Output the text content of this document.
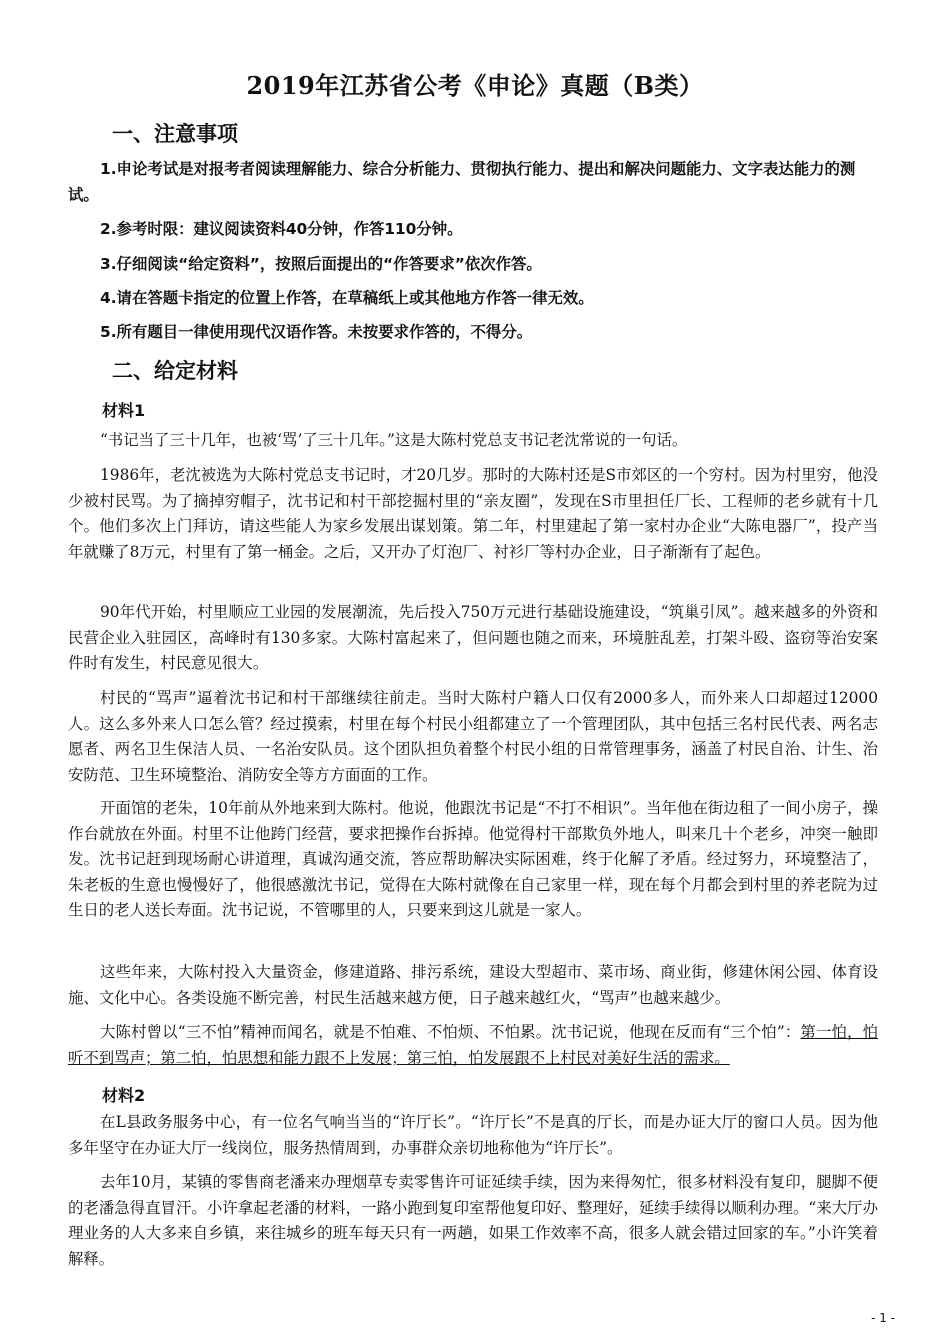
2019年江苏省公考《申论》真题（B类）
一、注意事项
1.申论考试是对报考者阅读理解能力、综合分析能力、贯彻执行能力、提出和解决问题能力、文字表达能力的测试。
2.参考时限：建议阅读资料40分钟，作答110分钟。
3.仔细阅读“给定资料”，按照后面提出的“作答要求”依次作答。
4.请在答题卡指定的位置上作答，在草稿纸上或其他地方作答一律无效。
5.所有题目一律使用现代汉语作答。未按要求作答的，不得分。
二、给定材料
材料1
“书记当了三十几年，也被‘骂’了三十几年。”这是大陈村党总支书记老沈常说的一句话。
1986年，老沈被选为大陈村党总支书记时，才20几岁。那时的大陈村还是S市郊区的一个穷村。因为村里穷，他没少被村民骂。为了摘掉穷帽子，沈书记和村干部挖掘村里的“亲友圈”，发现在S市里担任厂长、工程师的老乡就有十几个。他们多次上门拜访，请这些能人为家乡发展出谋划策。第二年，村里建起了第一家村办企业“大陈电器厂”，投产当年就赚了8万元，村里有了第一桶金。之后，又开办了灯泡厂、衬衫厂等村办企业，日子渐渐有了起色。
90年代开始，村里顺应工业园的发展潮流，先后投入750万元进行基础设施建设，“筑巢引凤”。越来越多的外资和民营企业入驻园区，高峰时有130多家。大陈村富起来了，但问题也随之而来，环境脏乱差，打架斗殴、盗窃等治安案件时有发生，村民意见很大。
村民的“骂声”逼着沈书记和村干部继续往前走。当时大陈村户籍人口仅有2000多人，而外来人口却超过12000人。这么多外来人口怎么管？经过摸索，村里在每个村民小组都建立了一个管理团队，其中包括三名村民代表、两名志愿者、两名卫生保洁人员、一名治安队员。这个团队担负着整个村民小组的日常管理事务，涵盖了村民自治、计生、治安防范、卫生环境整治、消防安全等方方面面的工作。
开面馆的老朱，10年前从外地来到大陈村。他说，他跟沈书记是“不打不相识”。当年他在街边租了一间小房子，操作台就放在外面。村里不让他跨门经营，要求把操作台拆掉。他觉得村干部欺负外地人，叫来几十个老乡，冲突一触即发。沈书记赶到现场耐心讲道理，真诚沟通交流，答应帮助解决实际困难，终于化解了矛盾。经过努力，环境整洁了，朱老板的生意也慢慢好了，他很感激沈书记，觉得在大陈村就像在自己家里一样，现在每个月都会到村里的养老院为过生日的老人送长寿面。沈书记说，不管哪里的人，只要来到这儿就是一家人。
这些年来，大陈村投入大量资金，修建道路、排污系统，建设大型超市、菜市场、商业街，修建休闲公园、体育设施、文化中心。各类设施不断完善，村民生活越来越方便，日子越来越红火，“骂声”也越来越少。
大陈村曾以“三不怕”精神而闻名，就是不怕难、不怕烦、不怕累。沈书记说，他现在反而有“三个怕”：第一怕，怕听不到骂声；第二怕，怕思想和能力跟不上发展；第三怕，怕发展跟不上村民对美好生活的需求。
材料2
在L县政务服务中心，有一位名气响当当的“许厅长”。“许厅长”不是真的厅长，而是办证大厅的窗口人员。因为他多年坚守在办证大厅一线岗位，服务热情周到，办事群众亲切地称他为“许厅长”。
去年10月，某镇的零售商老潘来办理烟草专卖零售许可证延续手续，因为来得匆忙，很多材料没有复印，腿脚不便的老潘急得直冒汗。小许拿起老潘的材料，一路小跑到复印室帮他复印好、整理好，延续手续得以顺利办理。“来大厅办理业务的人大多来自乡镇，来往城乡的班车每天只有一两趟，如果工作效率不高，很多人就会错过回家的车。”小许笑着解释。
- 1 -
